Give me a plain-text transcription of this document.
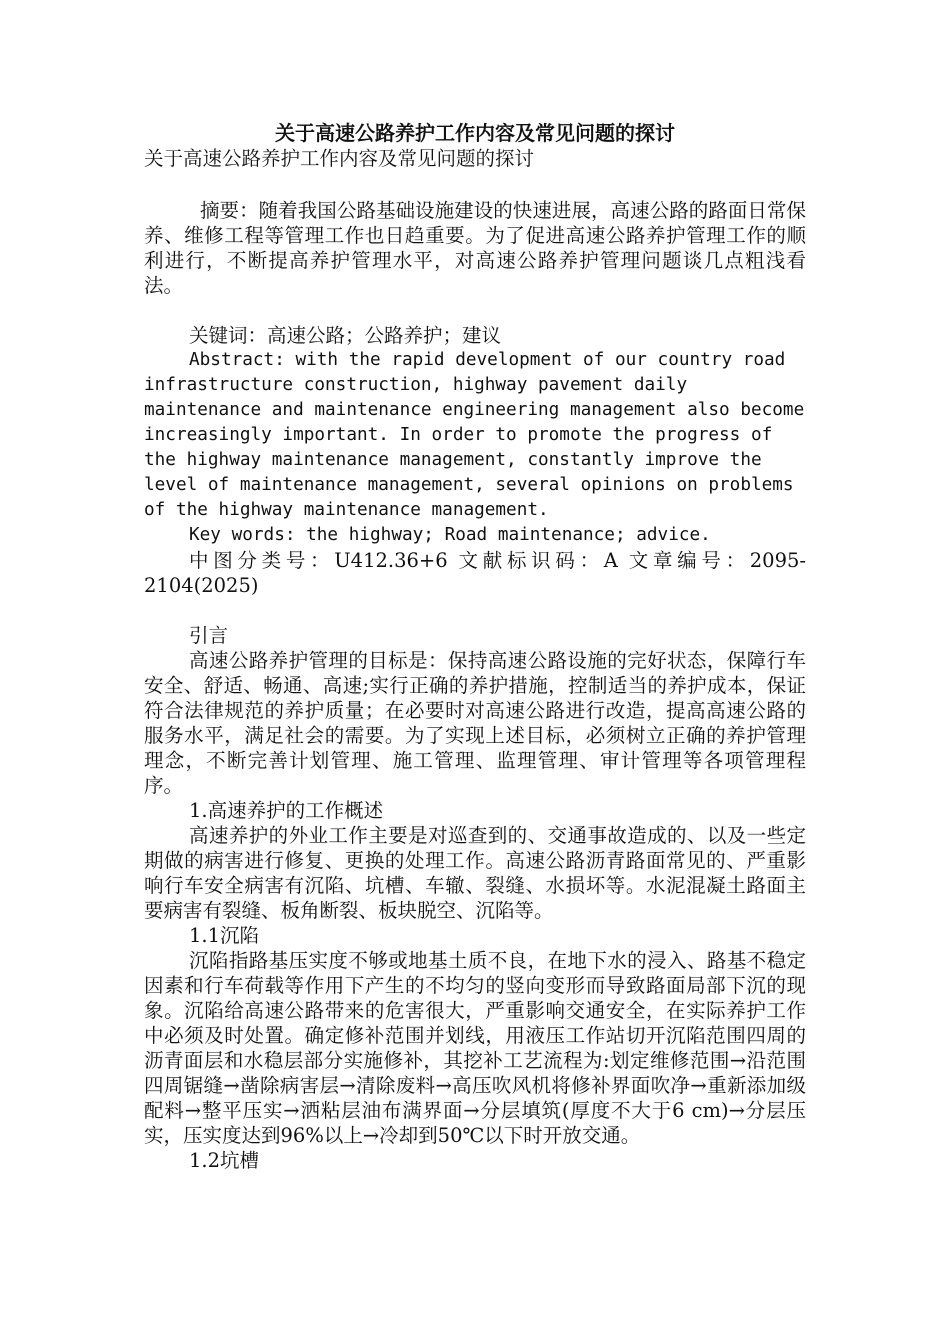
关于高速公路养护工作内容及常见问题的探讨

关于高速公路养护工作内容及常见问题的探讨

摘要：随着我国公路基础设施建设的快速进展，高速公路的路面日常保养、维修工程等管理工作也日趋重要。为了促进高速公路养护管理工作的顺利进行，不断提高养护管理水平，对高速公路养护管理问题谈几点粗浅看法。

关键词：高速公路；公路养护；建议

Abstract: with the rapid development of our country road infrastructure construction, highway pavement daily maintenance and maintenance engineering management also become increasingly important. In order to promote the progress of the highway maintenance management, constantly improve the level of maintenance management, several opinions on problems of the highway maintenance management.

Key words: the highway; Road maintenance; advice.

中图分类号：U412.36+6 文献标识码：A 文章编号：2095-2104(2025)

引言

高速公路养护管理的目标是：保持高速公路设施的完好状态，保障行车安全、舒适、畅通、高速;实行正确的养护措施，控制适当的养护成本，保证符合法律规范的养护质量；在必要时对高速公路进行改造，提高高速公路的服务水平，满足社会的需要。为了实现上述目标，必须树立正确的养护管理理念，不断完善计划管理、施工管理、监理管理、审计管理等各项管理程序。

1.高速养护的工作概述

高速养护的外业工作主要是对巡查到的、交通事故造成的、以及一些定期做的病害进行修复、更换的处理工作。高速公路沥青路面常见的、严重影响行车安全病害有沉陷、坑槽、车辙、裂缝、水损坏等。水泥混凝土路面主要病害有裂缝、板角断裂、板块脱空、沉陷等。

1.1沉陷

沉陷指路基压实度不够或地基土质不良，在地下水的浸入、路基不稳定因素和行车荷载等作用下产生的不均匀的竖向变形而导致路面局部下沉的现象。沉陷给高速公路带来的危害很大，严重影响交通安全，在实际养护工作中必须及时处置。确定修补范围并划线，用液压工作站切开沉陷范围四周的沥青面层和水稳层部分实施修补，其挖补工艺流程为:划定维修范围→沿范围四周锯缝→凿除病害层→清除废料→高压吹风机将修补界面吹净→重新添加级配料→整平压实→洒粘层油布满界面→分层填筑(厚度不大于6 cm)→分层压实，压实度达到96%以上→冷却到50℃以下时开放交通。

1.2坑槽
